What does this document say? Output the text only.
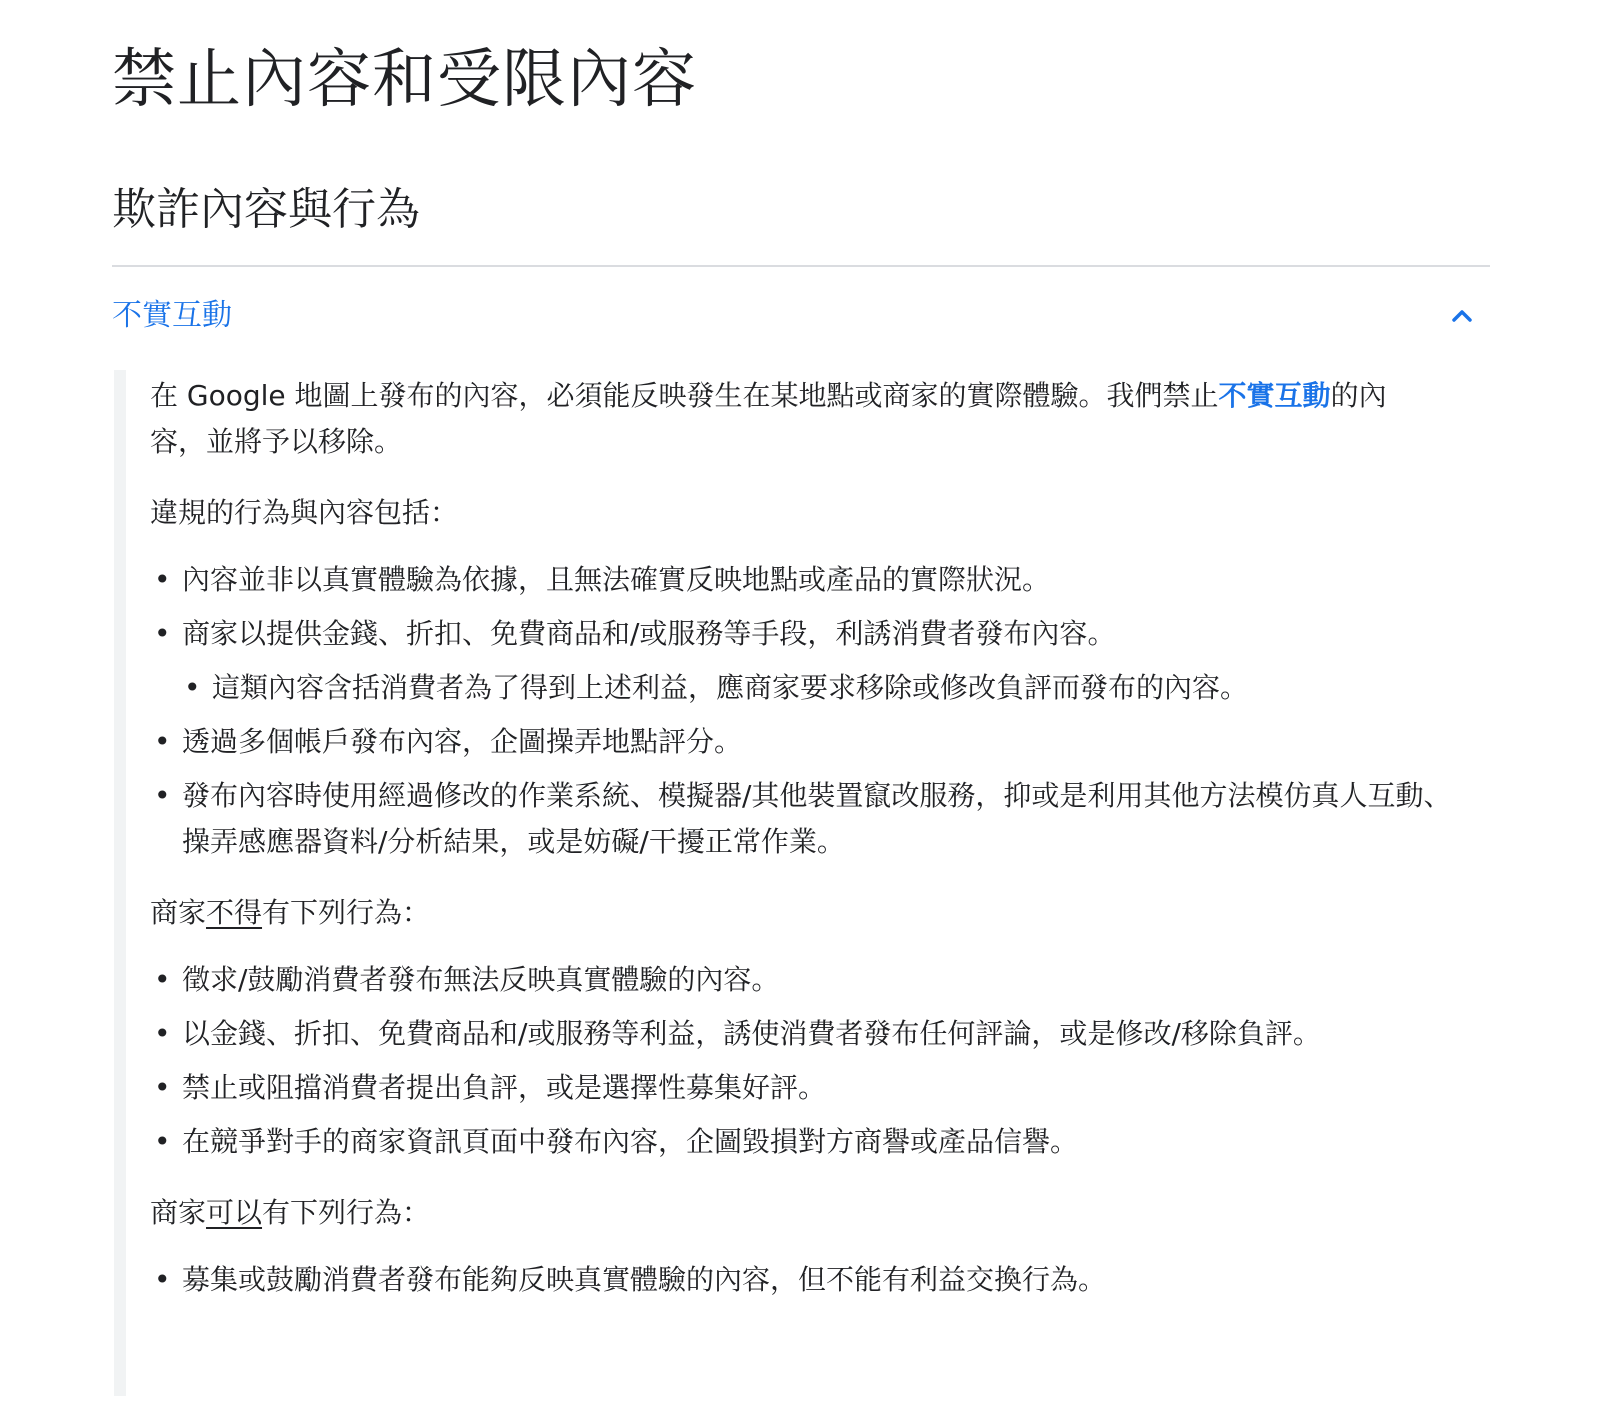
禁止內容和受限內容
欺詐內容與行為
不實互動

在 Google 地圖上發布的內容，必須能反映發生在某地點或商家的實際體驗。我們禁止不實互動的內容，並將予以移除。

違規的行為與內容包括：

• 內容並非以真實體驗為依據，且無法確實反映地點或產品的實際狀況。
• 商家以提供金錢、折扣、免費商品和/或服務等手段，利誘消費者發布內容。
• 這類內容含括消費者為了得到上述利益，應商家要求移除或修改負評而發布的內容。
• 透過多個帳戶發布內容，企圖操弄地點評分。
• 發布內容時使用經過修改的作業系統、模擬器/其他裝置竄改服務，抑或是利用其他方法模仿真人互動、操弄感應器資料/分析結果，或是妨礙/干擾正常作業。

商家不得有下列行為：

• 徵求/鼓勵消費者發布無法反映真實體驗的內容。
• 以金錢、折扣、免費商品和/或服務等利益，誘使消費者發布任何評論，或是修改/移除負評。
• 禁止或阻擋消費者提出負評，或是選擇性募集好評。
• 在競爭對手的商家資訊頁面中發布內容，企圖毀損對方商譽或產品信譽。

商家可以有下列行為：

• 募集或鼓勵消費者發布能夠反映真實體驗的內容，但不能有利益交換行為。
